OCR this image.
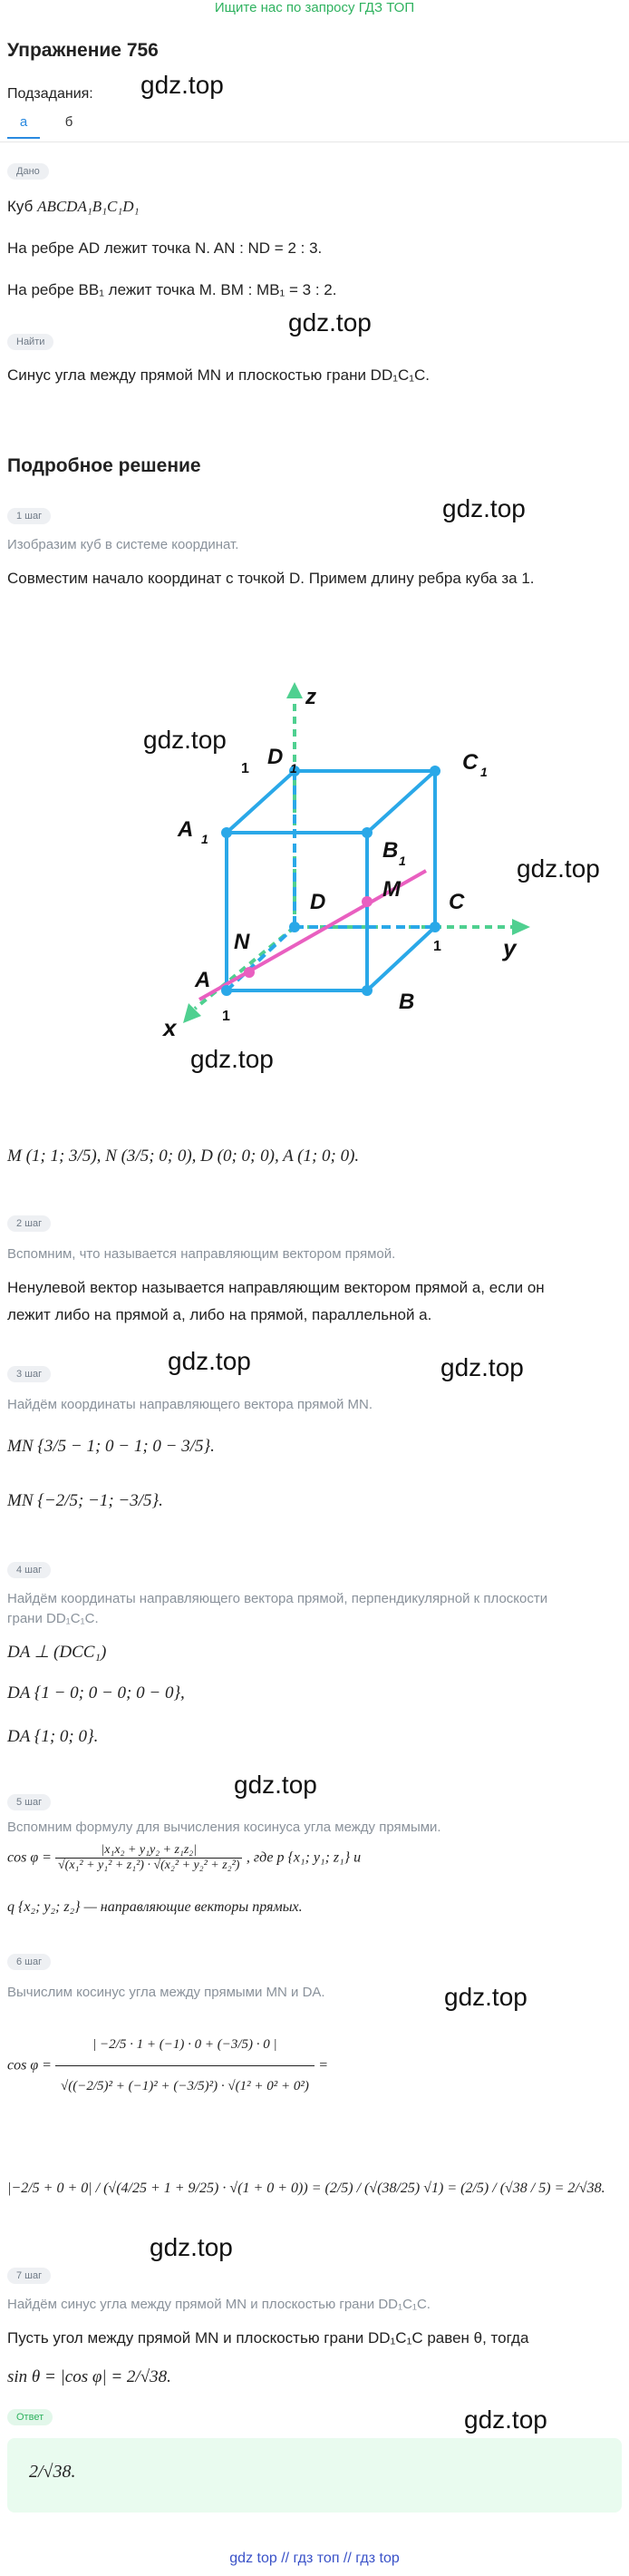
Ищите нас по запросу ГДЗ ТОП
Упражнение 756
gdz.top
Подзадания:
а	б
Дано
Куб ABCDA₁B₁C₁D₁
На ребре AD лежит точка N. AN : ND = 2 : 3.
На ребре BB₁ лежит точка M. BM : MB₁ = 3 : 2.
gdz.top
Найти
Синус угла между прямой MN и плоскостью грани DD₁C₁C.
Подробное решение
gdz.top
1 шаг
Изобразим куб в системе координат.
Совместим начало координат с точкой D. Примем длину ребра куба за 1.
z
D 1
1	C 1
A 1	B 1
M
D	C
N	y
1
A
B
x	1
gdz.top
gdz.top
gdz.top
M (1; 1; 3/5), N (3/5; 0; 0), D (0; 0; 0), A (1; 0; 0).
2 шаг
Вспомним, что называется направляющим вектором прямой.
Ненулевой вектор называется направляющим вектором прямой a, если он
лежит либо на прямой a, либо на прямой, параллельной a.
gdz.top
3 шаг	gdz.top
Найдём координаты направляющего вектора прямой MN.
MN {3/5 − 1; 0 − 1; 0 − 3/5}.
MN {−2/5; −1; −3/5}.
4 шаг
Найдём координаты направляющего вектора прямой, перпендикулярной к плоскости
грани DD₁C₁C.
DA ⊥ (DCC₁)
DA {1 − 0; 0 − 0; 0 − 0},
DA {1; 0; 0}.
gdz.top
5 шаг
Вспомним формулу для вычисления косинуса угла между прямыми.
$\cos \varphi = \frac{\text{|x₁x₂ + y₁y₂ + z₁z₂|}}{\text{√(x₁² + y₁² + z₁²) · √(x₂² + y₂² + z₂²)}}$ , где p {x₁; y₁; z₁} и
q {x₂; y₂; z₂} — направляющие векторы прямых.
6 шаг
gdz.top
Вычислим косинус угла между прямыми MN и DA.
$\cos \varphi = \frac{| -2/5 \cdot 1 + (-1) \cdot 0 + (-3/5) \cdot 0 |}{\text{√((−2/5)² + (−1)² + (−3/5)²) · √(1² + 0² + 0²)}}$ =
|−2/5 + 0 + 0| / (√(4/25 + 1 + 9/25) · √(1 + 0 + 0)) = (2/5) / (√(38/25) √1) = (2/5) / (√38 / 5) = 2/√38.
gdz.top
7 шаг
Найдём синус угла между прямой MN и плоскостью грани DD₁C₁C.
Пусть угол между прямой MN и плоскостью грани DD₁C₁C равен θ, тогда
sin θ = |cos φ| = 2/√38.
Ответ	gdz.top
2/√38.
gdz top // гдз топ // гдз top
